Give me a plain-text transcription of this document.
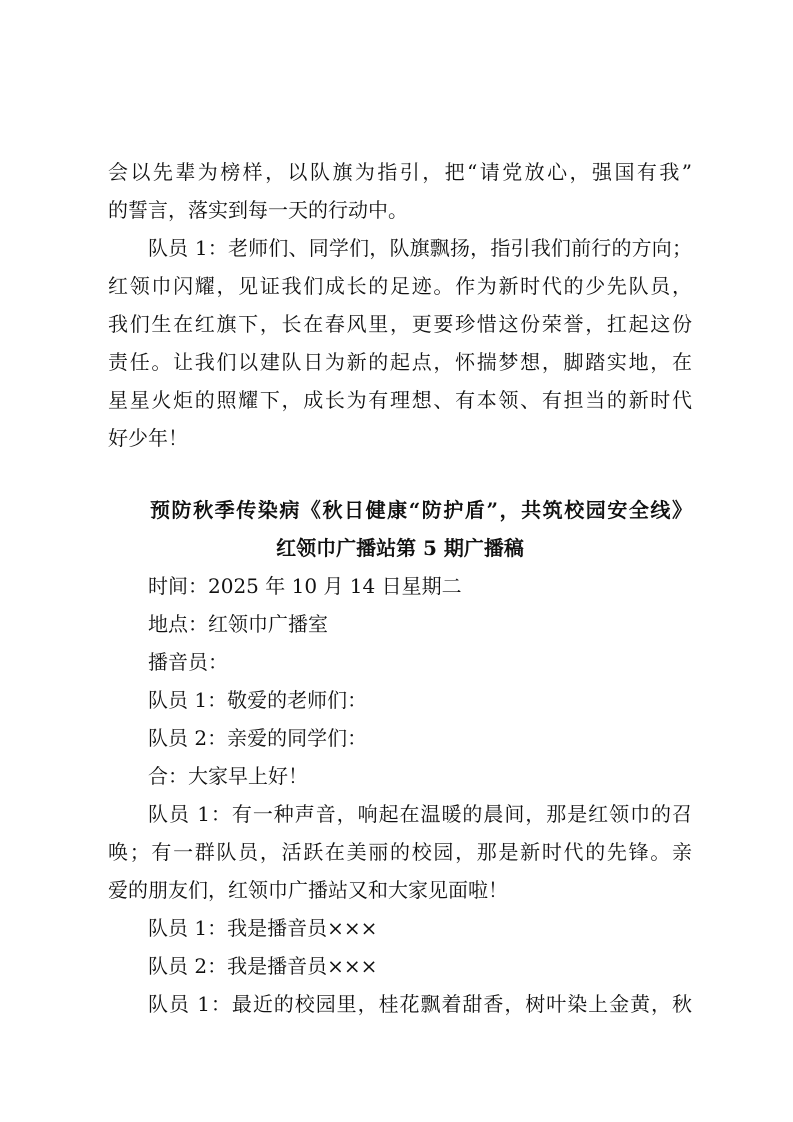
会以先辈为榜样，以队旗为指引，把“请党放心，强国有我”
的誓言，落实到每一天的行动中。
队员 1：老师们、同学们，队旗飘扬，指引我们前行的方向；
红领巾闪耀，见证我们成长的足迹。作为新时代的少先队员，
我们生在红旗下，长在春风里，更要珍惜这份荣誉，扛起这份
责任。让我们以建队日为新的起点，怀揣梦想，脚踏实地，在
星星火炬的照耀下，成长为有理想、有本领、有担当的新时代
好少年！
预防秋季传染病《秋日健康“防护盾”，共筑校园安全线》
红领巾广播站第 5 期广播稿
时间：2025 年 10 月 14 日星期二
地点：红领巾广播室
播音员：
队员 1：敬爱的老师们：
队员 2：亲爱的同学们：
合：大家早上好！
队员 1：有一种声音，响起在温暖的晨间，那是红领巾的召
唤；有一群队员，活跃在美丽的校园，那是新时代的先锋。亲
爱的朋友们，红领巾广播站又和大家见面啦！
队员 1：我是播音员×××
队员 2：我是播音员×××
队员 1：最近的校园里，桂花飘着甜香，树叶染上金黄，秋
